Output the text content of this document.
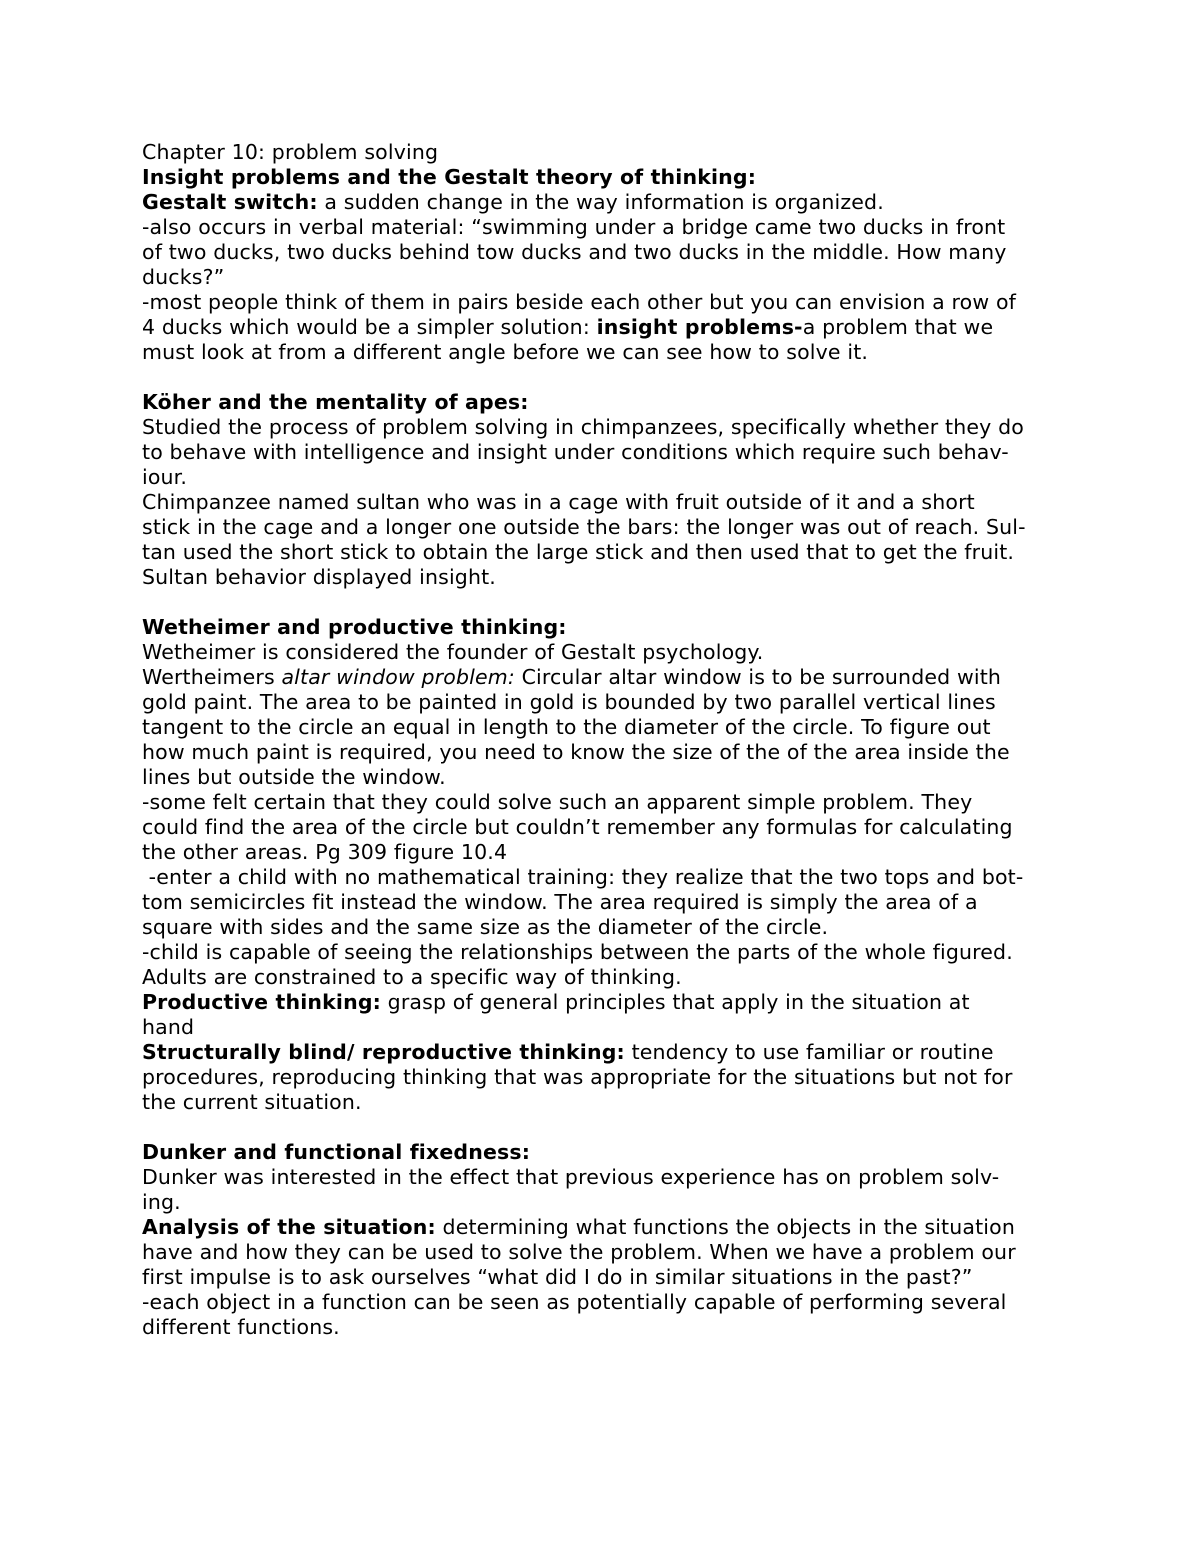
Chapter 10: problem solving
Insight problems and the Gestalt theory of thinking:
Gestalt switch: a sudden change in the way information is organized.
-also occurs in verbal material: “swimming under a bridge came two ducks in front
of two ducks, two ducks behind tow ducks and two ducks in the middle. How many
ducks?”
-most people think of them in pairs beside each other but you can envision a row of
4 ducks which would be a simpler solution: insight problems-a problem that we
must look at from a different angle before we can see how to solve it.
Köher and the mentality of apes:
Studied the process of problem solving in chimpanzees, specifically whether they do
to behave with intelligence and insight under conditions which require such behav-
iour.
Chimpanzee named sultan who was in a cage with fruit outside of it and a short
stick in the cage and a longer one outside the bars: the longer was out of reach. Sul-
tan used the short stick to obtain the large stick and then used that to get the fruit.
Sultan behavior displayed insight.
Wetheimer and productive thinking:
Wetheimer is considered the founder of Gestalt psychology.
Wertheimers altar window problem: Circular altar window is to be surrounded with
gold paint. The area to be painted in gold is bounded by two parallel vertical lines
tangent to the circle an equal in length to the diameter of the circle. To figure out
how much paint is required, you need to know the size of the of the area inside the
lines but outside the window.
-some felt certain that they could solve such an apparent simple problem. They
could find the area of the circle but couldn’t remember any formulas for calculating
the other areas. Pg 309 figure 10.4
-enter a child with no mathematical training: they realize that the two tops and bot-
tom semicircles fit instead the window. The area required is simply the area of a
square with sides and the same size as the diameter of the circle.
-child is capable of seeing the relationships between the parts of the whole figured.
Adults are constrained to a specific way of thinking.
Productive thinking: grasp of general principles that apply in the situation at
hand
Structurally blind/ reproductive thinking: tendency to use familiar or routine
procedures, reproducing thinking that was appropriate for the situations but not for
the current situation.
Dunker and functional fixedness:
Dunker was interested in the effect that previous experience has on problem solv-
ing.
Analysis of the situation: determining what functions the objects in the situation
have and how they can be used to solve the problem. When we have a problem our
first impulse is to ask ourselves “what did I do in similar situations in the past?”
-each object in a function can be seen as potentially capable of performing several
different functions.
